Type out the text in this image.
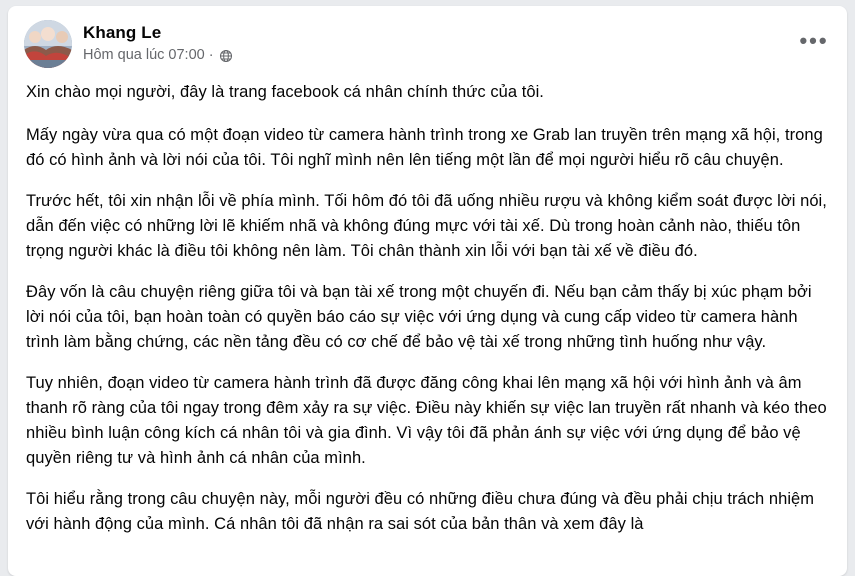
Khang Le
Hôm qua lúc 07:00 ·
•••

Xin chào mọi người, đây là trang facebook cá nhân chính thức của tôi.

Mấy ngày vừa qua có một đoạn video từ camera hành trình trong xe Grab lan truyền trên mạng xã hội, trong đó có hình ảnh và lời nói của tôi. Tôi nghĩ mình nên lên tiếng một lần để mọi người hiểu rõ câu chuyện.

Trước hết, tôi xin nhận lỗi về phía mình. Tối hôm đó tôi đã uống nhiều rượu và không kiểm soát được lời nói, dẫn đến việc có những lời lẽ khiếm nhã và không đúng mực với tài xế. Dù trong hoàn cảnh nào, thiếu tôn trọng người khác là điều tôi không nên làm. Tôi chân thành xin lỗi với bạn tài xế về điều đó.

Đây vốn là câu chuyện riêng giữa tôi và bạn tài xế trong một chuyến đi. Nếu bạn cảm thấy bị xúc phạm bởi lời nói của tôi, bạn hoàn toàn có quyền báo cáo sự việc với ứng dụng và cung cấp video từ camera hành trình làm bằng chứng, các nền tảng đều có cơ chế để bảo vệ tài xế trong những tình huống như vậy.

Tuy nhiên, đoạn video từ camera hành trình đã được đăng công khai lên mạng xã hội với hình ảnh và âm thanh rõ ràng của tôi ngay trong đêm xảy ra sự việc. Điều này khiến sự việc lan truyền rất nhanh và kéo theo nhiều bình luận công kích cá nhân tôi và gia đình. Vì vậy tôi đã phản ánh sự việc với ứng dụng để bảo vệ quyền riêng tư và hình ảnh cá nhân của mình.

Tôi hiểu rằng trong câu chuyện này, mỗi người đều có những điều chưa đúng và đều phải chịu trách nhiệm với hành động của mình. Cá nhân tôi đã nhận ra sai sót của bản thân và xem đây là
